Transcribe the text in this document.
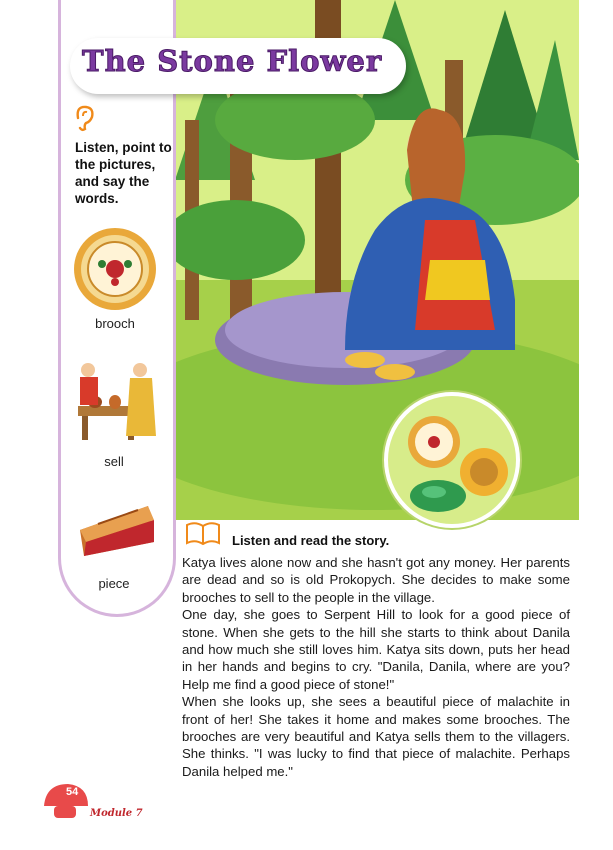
The Stone Flower
Listen, point to the pictures, and say the words.
brooch
sell
piece
Listen and read the story.

Katya lives alone now and she hasn't got any money. Her parents are dead and so is old Prokopych. She decides to make some brooches to sell to the people in the village.

One day, she goes to Serpent Hill to look for a good piece of stone. When she gets to the hill she starts to think about Danila and how much she still loves him. Katya sits down, puts her head in her hands and begins to cry. "Danila, Danila, where are you? Help me find a good piece of stone!"

When she looks up, she sees a beautiful piece of malachite in front of her! She takes it home and makes some brooches. The brooches are very beautiful and Katya sells them to the villagers. She thinks. "I was lucky to find that piece of malachite. Perhaps Danila helped me."

54
Module 7
